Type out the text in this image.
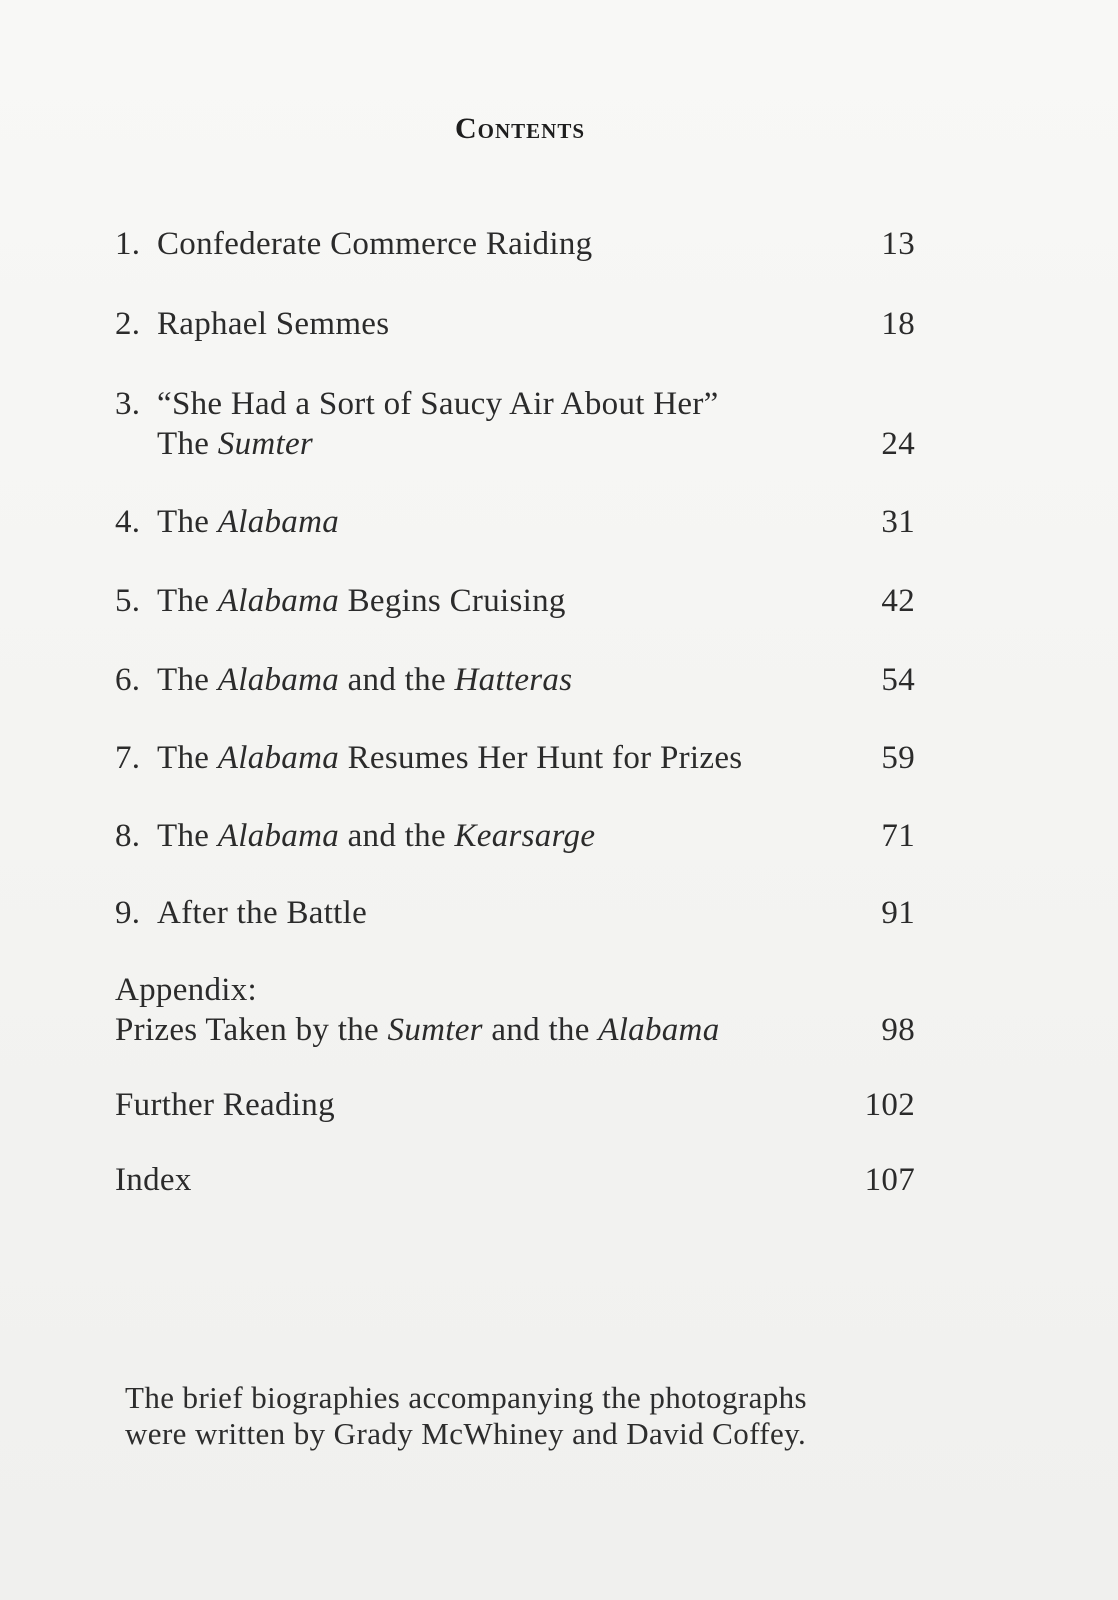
Contents
1. Confederate Commerce Raiding	13
2. Raphael Semmes	18
3. “She Had a Sort of Saucy Air About Her”
The Sumter	24
4. The Alabama	31
5. The Alabama Begins Cruising	42
6. The Alabama and the Hatteras	54
7. The Alabama Resumes Her Hunt for Prizes	59
8. The Alabama and the Kearsarge	71
9. After the Battle	91
Appendix:
Prizes Taken by the Sumter and the Alabama	98
Further Reading	102
Index	107
The brief biographies accompanying the photographs
were written by Grady McWhiney and David Coffey.
